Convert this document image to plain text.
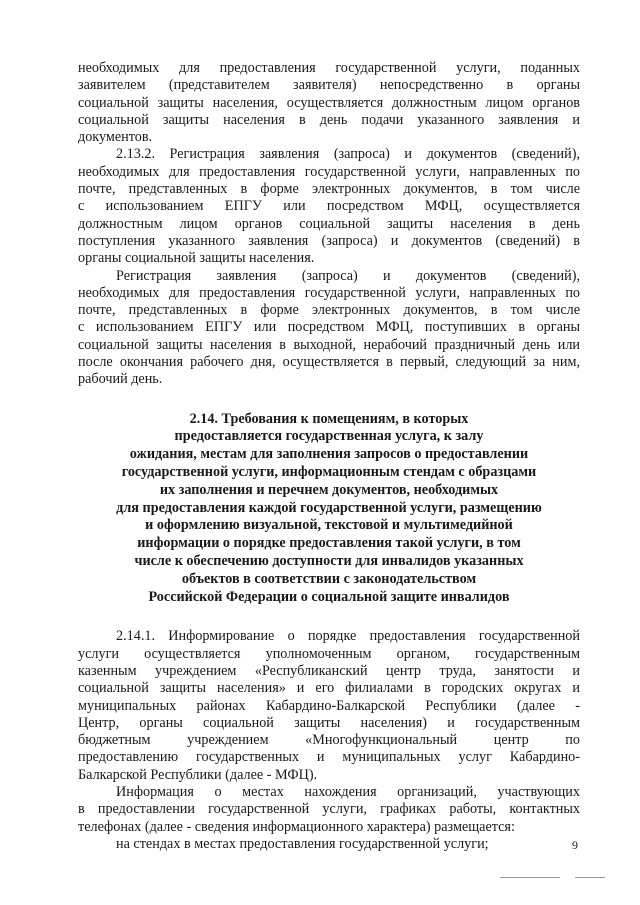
необходимых для предоставления государственной услуги, поданных
заявителем (представителем заявителя) непосредственно в органы
социальной защиты населения, осуществляется должностным лицом органов
социальной защиты населения в день подачи указанного заявления и
документов.
2.13.2. Регистрация заявления (запроса) и документов (сведений),
необходимых для предоставления государственной услуги, направленных по
почте, представленных в форме электронных документов, в том числе
с использованием ЕПГУ или посредством МФЦ, осуществляется
должностным лицом органов социальной защиты населения в день
поступления указанного заявления (запроса) и документов (сведений) в
органы социальной защиты населения.
Регистрация заявления (запроса) и документов (сведений),
необходимых для предоставления государственной услуги, направленных по
почте, представленных в форме электронных документов, в том числе
с использованием ЕПГУ или посредством МФЦ, поступивших в органы
социальной защиты населения в выходной, нерабочий праздничный день или
после окончания рабочего дня, осуществляется в первый, следующий за ним,
рабочий день.
2.14. Требования к помещениям, в которых
предоставляется государственная услуга, к залу
ожидания, местам для заполнения запросов о предоставлении
государственной услуги, информационным стендам с образцами
их заполнения и перечнем документов, необходимых
для предоставления каждой государственной услуги, размещению
и оформлению визуальной, текстовой и мультимедийной
информации о порядке предоставления такой услуги, в том
числе к обеспечению доступности для инвалидов указанных
объектов в соответствии с законодательством
Российской Федерации о социальной защите инвалидов
2.14.1. Информирование о порядке предоставления государственной
услуги осуществляется уполномоченным органом, государственным
казенным учреждением «Республиканский центр труда, занятости и
социальной защиты населения» и его филиалами в городских округах и
муниципальных районах Кабардино-Балкарской Республики (далее -
Центр, органы социальной защиты населения) и государственным
бюджетным учреждением «Многофункциональный центр по
предоставлению государственных и муниципальных услуг Кабардино-
Балкарской Республики (далее - МФЦ).
Информация о местах нахождения организаций, участвующих
в предоставлении государственной услуги, графиках работы, контактных
телефонах (далее - сведения информационного характера) размещается:
на стендах в местах предоставления государственной услуги;	9
